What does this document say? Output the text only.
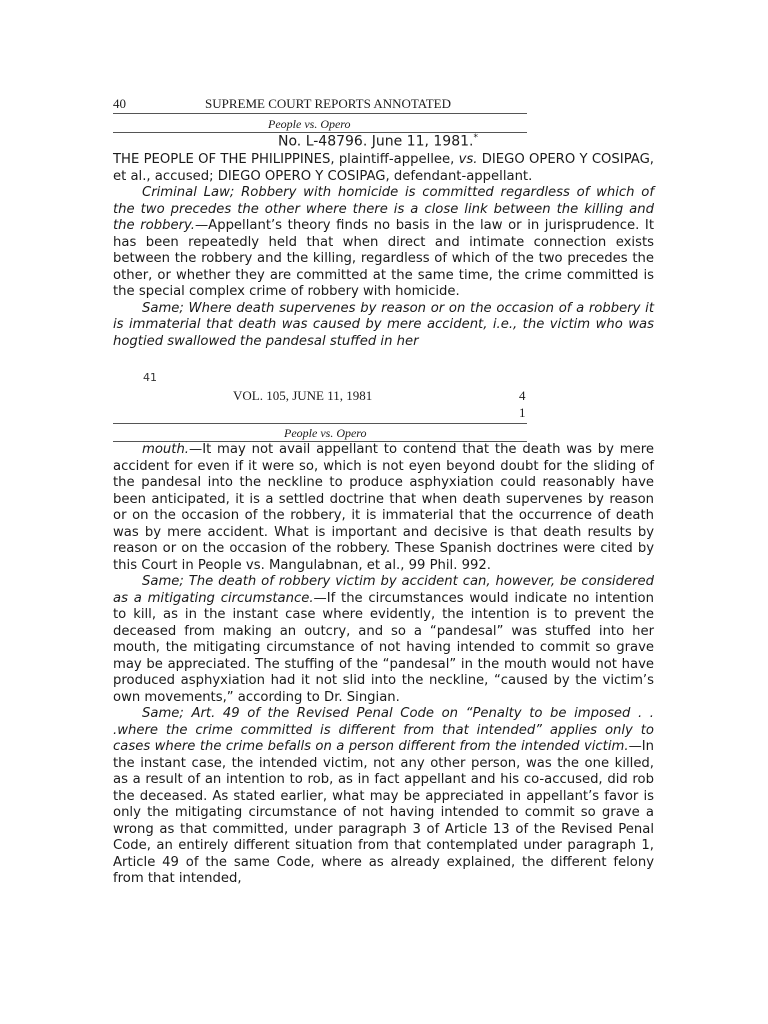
40	SUPREME COURT REPORTS ANNOTATED
People vs. Opero
No. L-48796. June 11, 1981.*

THE PEOPLE OF THE PHILIPPINES, plaintiff-appellee, vs. DIEGO OPERO Y COSIPAG, et al., accused; DIEGO OPERO Y COSIPAG, defendant-appellant.

Criminal Law; Robbery with homicide is committed regardless of which of the two precedes the other where there is a close link between the killing and the robbery.—Appellant’s theory finds no basis in the law or in jurisprudence. It has been repeatedly held that when direct and intimate connection exists between the robbery and the killing, regardless of which of the two precedes the other, or whether they are committed at the same time, the crime committed is the special complex crime of robbery with homicide.

Same; Where death supervenes by reason or on the occasion of a robbery it is immaterial that death was caused by mere accident, i.e., the victim who was hogtied swallowed the pandesal stuffed in her

41
VOL. 105, JUNE 11, 1981	4
1
People vs. Opero

mouth.—It may not avail appellant to contend that the death was by mere accident for even if it were so, which is not eyen beyond doubt for the sliding of the pandesal into the neckline to produce asphyxiation could reasonably have been anticipated, it is a settled doctrine that when death supervenes by reason or on the occasion of the robbery, it is immaterial that the occurrence of death was by mere accident. What is important and decisive is that death results by reason or on the occasion of the robbery. These Spanish doctrines were cited by this Court in People vs. Mangulabnan, et al., 99 Phil. 992.

Same; The death of robbery victim by accident can, however, be considered as a mitigating circumstance.—If the circumstances would indicate no intention to kill, as in the instant case where evidently, the intention is to prevent the deceased from making an outcry, and so a “pandesal” was stuffed into her mouth, the mitigating circumstance of not having intended to commit so grave may be appreciated. The stuffing of the “pandesal” in the mouth would not have produced asphyxiation had it not slid into the neckline, “caused by the victim’s own movements,” according to Dr. Singian.

Same; Art. 49 of the Revised Penal Code on “Penalty to be imposed . . .where the crime committed is different from that intended” applies only to cases where the crime befalls on a person different from the intended victim.—In the instant case, the intended victim, not any other person, was the one killed, as a result of an intention to rob, as in fact appellant and his co-accused, did rob the deceased. As stated earlier, what may be appreciated in appellant’s favor is only the mitigating circumstance of not having intended to commit so grave a wrong as that committed, under paragraph 3 of Article 13 of the Revised Penal Code, an entirely different situation from that contemplated under paragraph 1, Article 49 of the same Code, where as already explained, the different felony from that intended,
